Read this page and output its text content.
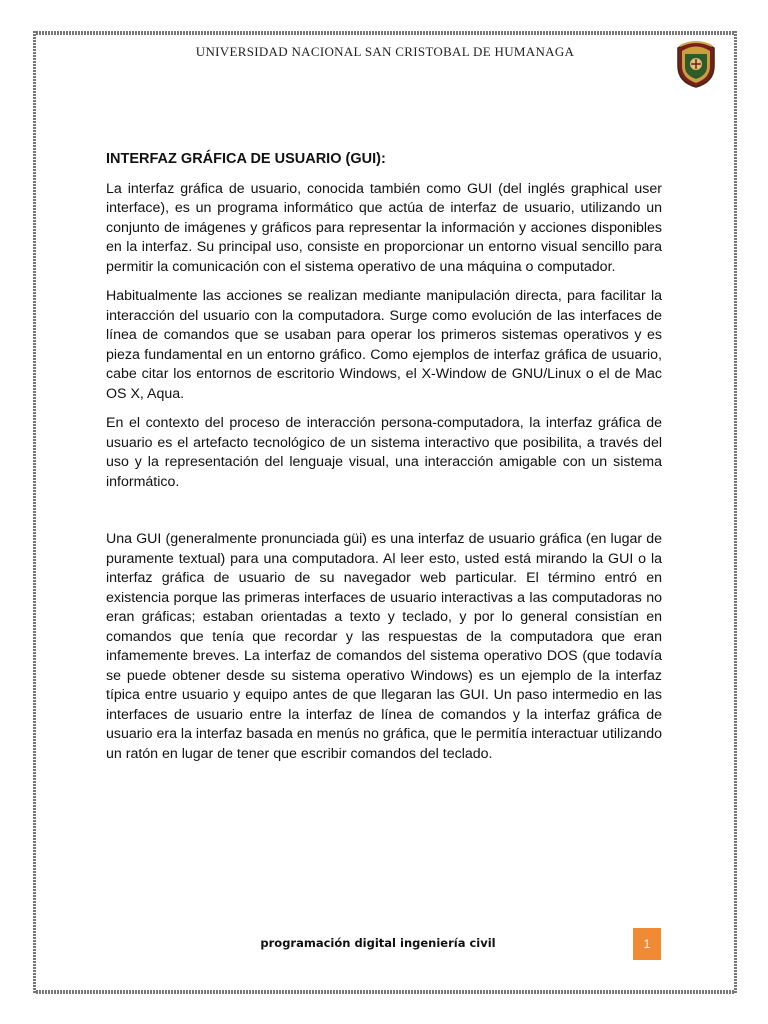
UNIVERSIDAD NACIONAL SAN CRISTOBAL DE HUMANAGA
INTERFAZ GRÁFICA DE USUARIO (GUI):

La interfaz gráfica de usuario, conocida también como GUI (del inglés graphical user interface), es un programa informático que actúa de interfaz de usuario, utilizando un conjunto de imágenes y gráficos para representar la información y acciones disponibles en la interfaz. Su principal uso, consiste en proporcionar un entorno visual sencillo para permitir la comunicación con el sistema operativo de una máquina o computador.

Habitualmente las acciones se realizan mediante manipulación directa, para facilitar la interacción del usuario con la computadora. Surge como evolución de las interfaces de línea de comandos que se usaban para operar los primeros sistemas operativos y es pieza fundamental en un entorno gráfico. Como ejemplos de interfaz gráfica de usuario, cabe citar los entornos de escritorio Windows, el X-Window de GNU/Linux o el de Mac OS X, Aqua.

En el contexto del proceso de interacción persona-computadora, la interfaz gráfica de usuario es el artefacto tecnológico de un sistema interactivo que posibilita, a través del uso y la representación del lenguaje visual, una interacción amigable con un sistema informático.

Una GUI (generalmente pronunciada güi) es una interfaz de usuario gráfica (en lugar de puramente textual) para una computadora. Al leer esto, usted está mirando la GUI o la interfaz gráfica de usuario de su navegador web particular. El término entró en existencia porque las primeras interfaces de usuario interactivas a las computadoras no eran gráficas; estaban orientadas a texto y teclado, y por lo general consistían en comandos que tenía que recordar y las respuestas de la computadora que eran infamemente breves. La interfaz de comandos del sistema operativo DOS (que todavía se puede obtener desde su sistema operativo Windows) es un ejemplo de la interfaz típica entre usuario y equipo antes de que llegaran las GUI. Un paso intermedio en las interfaces de usuario entre la interfaz de línea de comandos y la interfaz gráfica de usuario era la interfaz basada en menús no gráfica, que le permitía interactuar utilizando un ratón en lugar de tener que escribir comandos del teclado.

programación digital ingeniería civil	1
